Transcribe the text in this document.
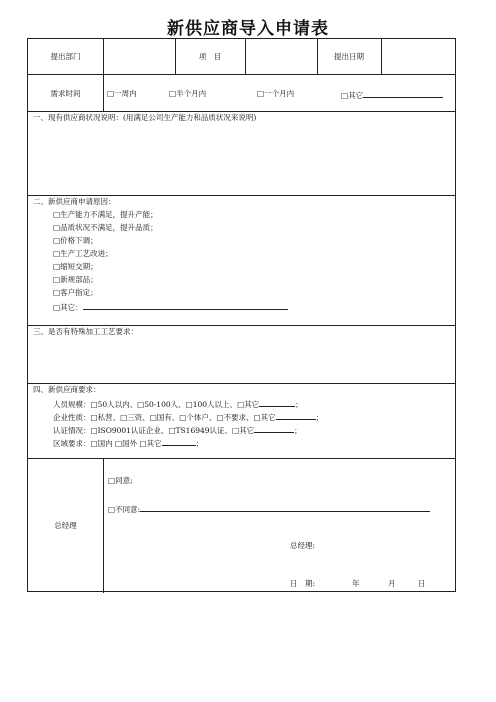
新供应商导入申请表
提出部门	项　目	提出日期
需求时间 □	一周内 □	半个月内 □	一个月内 □	其它
一、现有供应商状况说明：(用满足公司生产能力和品质状况来说明)
二、新供应商申请原因：
□ 生产能力不满足，提升产能；
□ 品质状况不满足，提升品质；
□ 价格下调；
□ 生产工艺改进；
□ 缩短交期；
□ 新规部品；
□ 客户指定；
□ 其它：
三、是否有特殊加工工艺要求：
四、新供应商要求：
人员规模： □ 50人以内、 □ 50-100人、 □ 100人以上、 □ 其它	；
企业性质： □ 私营、 □ 三资、 □ 国有、 □ 个体户、 □ 不要求、 □ 其它	；
认证情况： □ ISO9001认证企业、 □ TS16949认证、 □ 其它	；
区域要求： □ 国内 □ 国外 □ 其它	；
总经理
□ 同意;
□ 不同意:
总经理:
日　期:	年	月	日
